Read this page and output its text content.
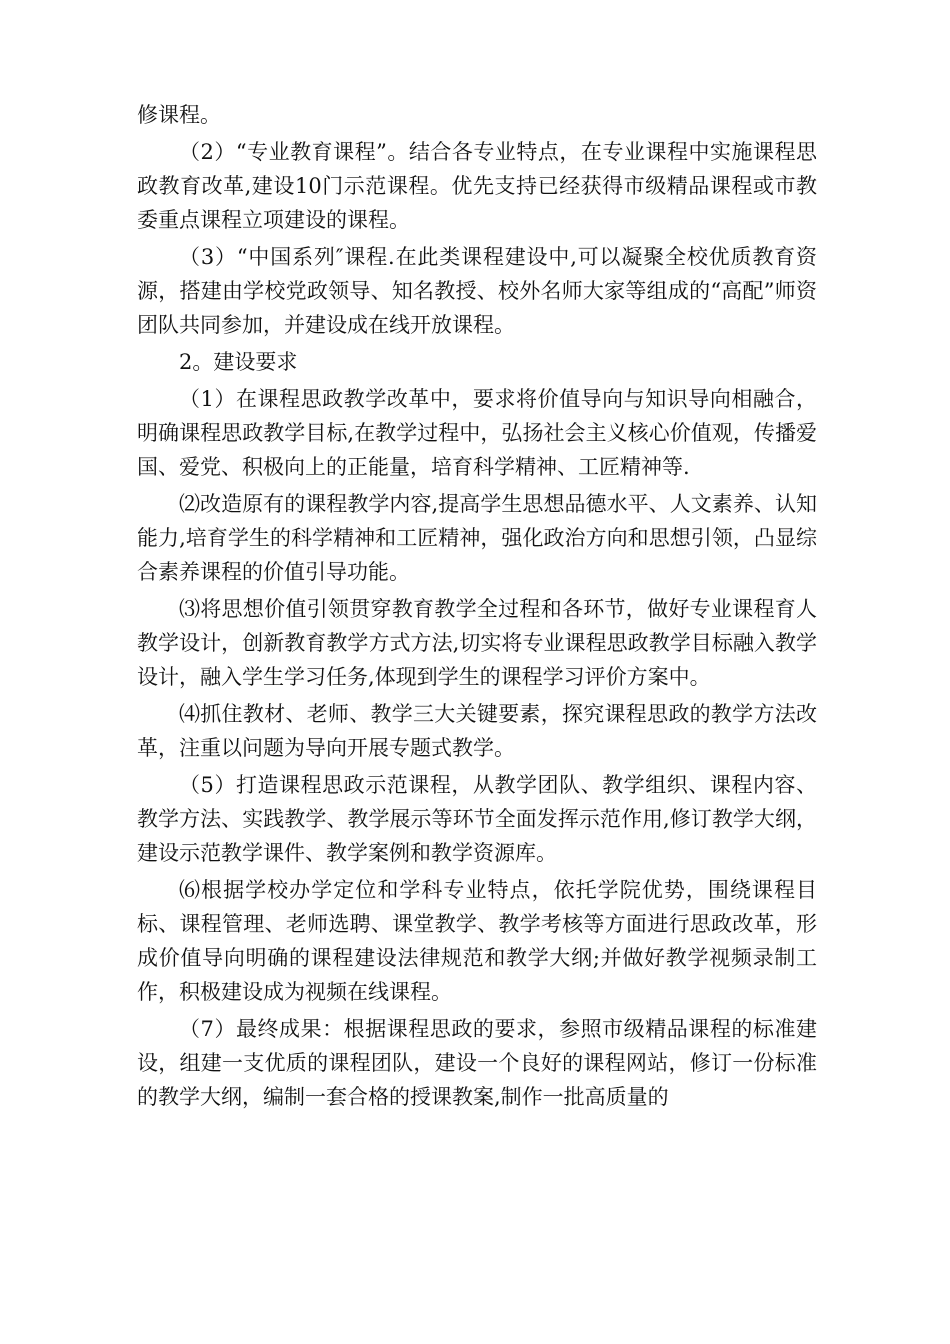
修课程。

（2）“专业教育课程”。结合各专业特点，在专业课程中实施课程思政教育改革,建设10门示范课程。优先支持已经获得市级精品课程或市教委重点课程立项建设的课程。

（3）“中国系列″课程.在此类课程建设中,可以凝聚全校优质教育资源，搭建由学校党政领导、知名教授、校外名师大家等组成的“高配”师资团队共同参加，并建设成在线开放课程。

2。建设要求

（1）在课程思政教学改革中，要求将价值导向与知识导向相融合，明确课程思政教学目标,在教学过程中，弘扬社会主义核心价值观，传播爱国、爱党、积极向上的正能量，培育科学精神、工匠精神等.

⑵改造原有的课程教学内容,提高学生思想品德水平、人文素养、认知能力,培育学生的科学精神和工匠精神，强化政治方向和思想引领，凸显综合素养课程的价值引导功能。

⑶将思想价值引领贯穿教育教学全过程和各环节，做好专业课程育人教学设计，创新教育教学方式方法,切实将专业课程思政教学目标融入教学设计，融入学生学习任务,体现到学生的课程学习评价方案中。

⑷抓住教材、老师、教学三大关键要素，探究课程思政的教学方法改革，注重以问题为导向开展专题式教学。

（5）打造课程思政示范课程，从教学团队、教学组织、课程内容、教学方法、实践教学、教学展示等环节全面发挥示范作用,修订教学大纲，建设示范教学课件、教学案例和教学资源库。

⑹根据学校办学定位和学科专业特点，依托学院优势，围绕课程目标、课程管理、老师选聘、课堂教学、教学考核等方面进行思政改革，形成价值导向明确的课程建设法律规范和教学大纲;并做好教学视频录制工作，积极建设成为视频在线课程。

（7）最终成果：根据课程思政的要求，参照市级精品课程的标准建设，组建一支优质的课程团队，建设一个良好的课程网站，修订一份标准的教学大纲，编制一套合格的授课教案,制作一批高质量的
